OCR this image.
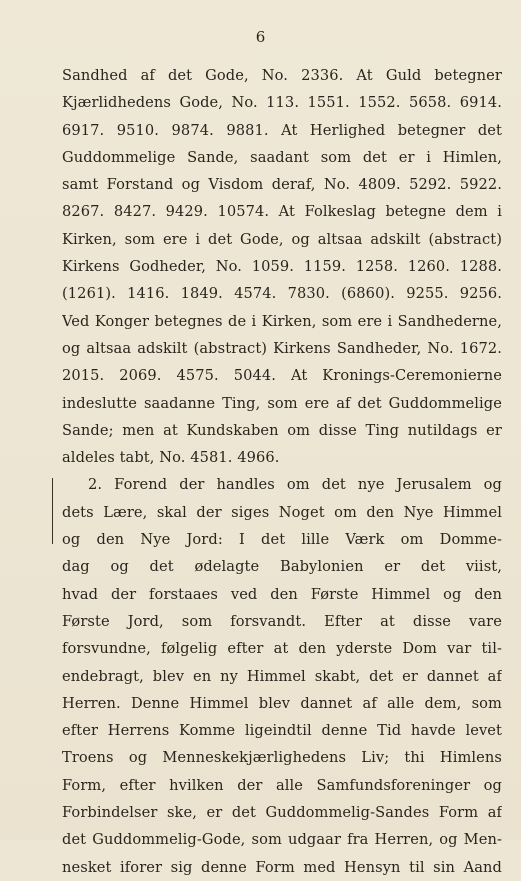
6
Sandhed af det Gode, No. 2336. At Guld betegner
Kjærlidhedens Gode, No. 113. 1551. 1552. 5658. 6914.
6917. 9510. 9874. 9881. At Herlighed betegner det
Guddommelige Sande, saadant som det er i Himlen,
samt Forstand og Visdom deraf, No. 4809. 5292. 5922.
8267. 8427. 9429. 10574. At Folkeslag betegne dem i
Kirken, som ere i det Gode, og altsaa adskilt (abstract)
Kirkens Godheder, No. 1059. 1159. 1258. 1260. 1288.
(1261). 1416. 1849. 4574. 7830. (6860). 9255. 9256.
Ved Konger betegnes de i Kirken, som ere i Sandhederne,
og altsaa adskilt (abstract) Kirkens Sandheder, No. 1672.
2015. 2069. 4575. 5044. At Kronings-Ceremonierne
indeslutte saadanne Ting, som ere af det Guddommelige
Sande; men at Kundskaben om disse Ting nutildags er
aldeles tabt, No. 4581. 4966.
2. Forend der handles om det nye Jerusalem og
dets Lære, skal der siges Noget om den Nye Himmel
og den Nye Jord: I det lille Værk om Domme-
dag og det ødelagte Babylonien er det viist,
hvad der forstaaes ved den Første Himmel og den
Første Jord, som forsvandt. Efter at disse vare
forsvundne, følgelig efter at den yderste Dom var til-
endebragt, blev en ny Himmel skabt, det er dannet af
Herren. Denne Himmel blev dannet af alle dem, som
efter Herrens Komme ligeindtil denne Tid havde levet
Troens og Menneskekjærlighedens Liv; thi Himlens
Form, efter hvilken der alle Samfundsforeninger og
Forbindelser ske, er det Guddommelig-Sandes Form af
det Guddommelig-Gode, som udgaar fra Herren, og Men-
nesket iforer sig denne Form med Hensyn til sin Aand
